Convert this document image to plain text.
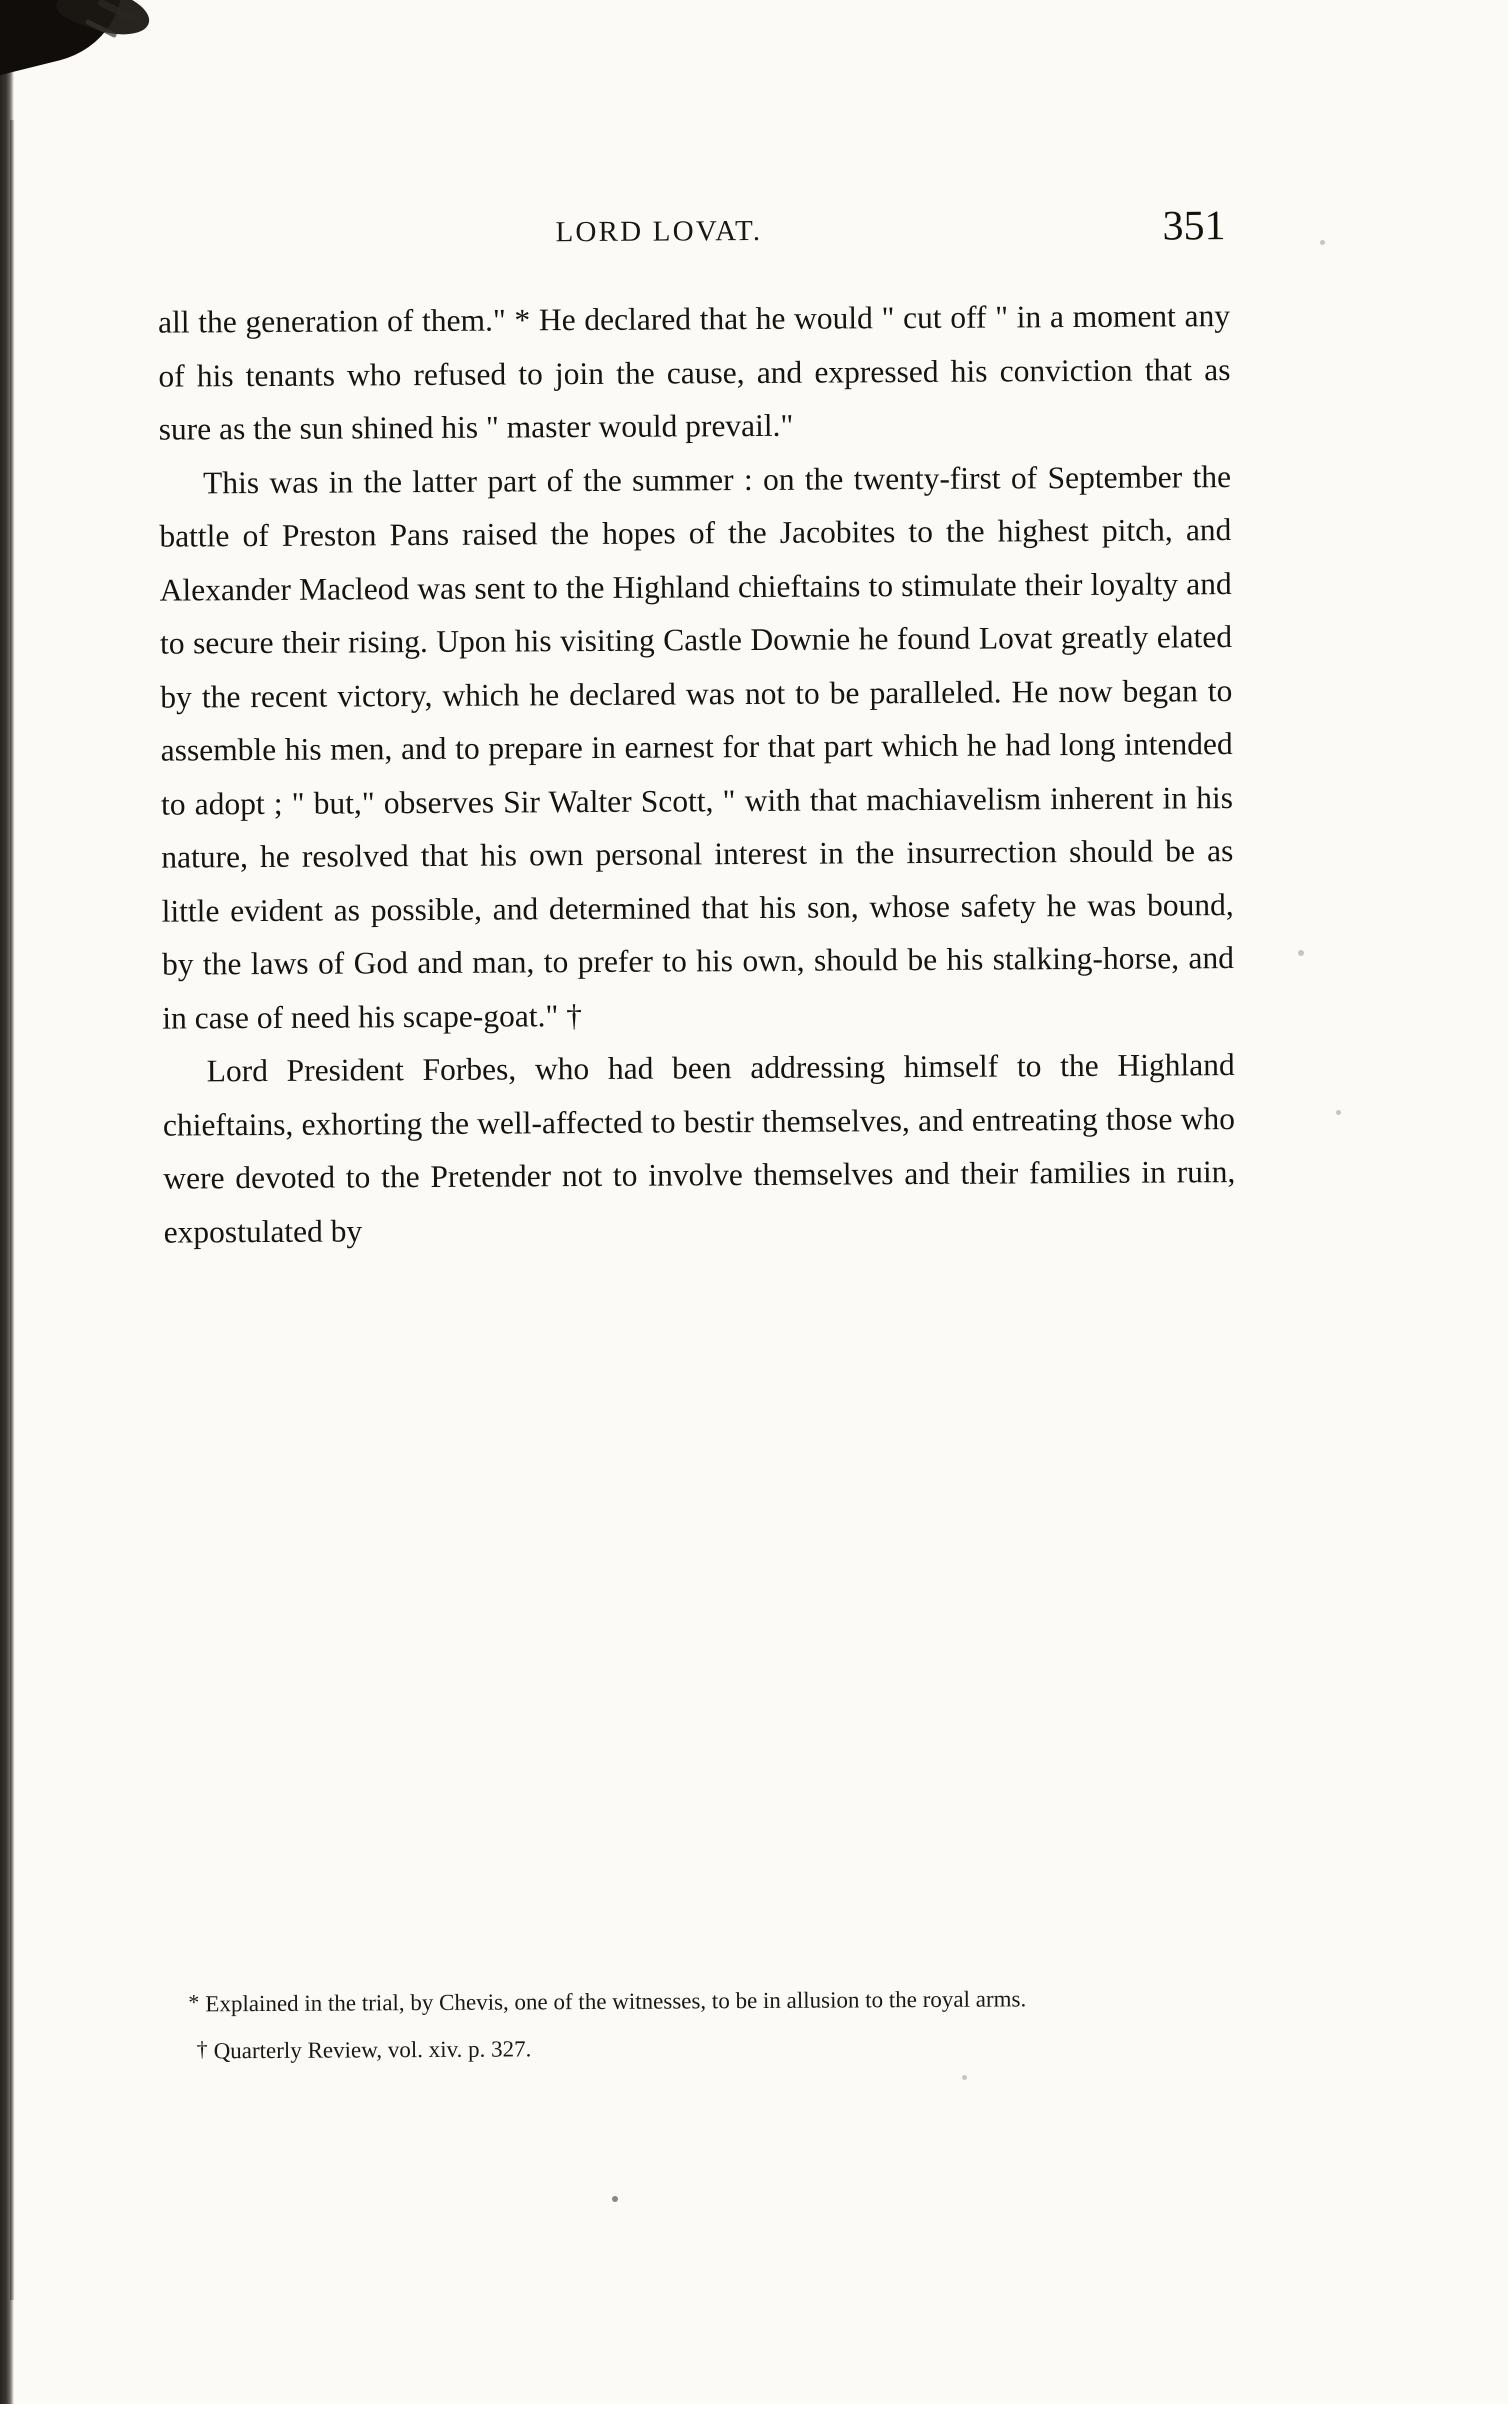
LORD LOVAT.	351

all the generation of them." * He declared that he would " cut off " in a moment any of his tenants who refused to join the cause, and expressed his conviction that as sure as the sun shined his " master would prevail."

This was in the latter part of the summer : on the twenty-first of September the battle of Preston Pans raised the hopes of the Jacobites to the highest pitch, and Alexander Macleod was sent to the Highland chieftains to stimulate their loyalty and to secure their rising. Upon his visiting Castle Downie he found Lovat greatly elated by the recent victory, which he declared was not to be paralleled. He now began to assemble his men, and to prepare in earnest for that part which he had long intended to adopt ; " but," observes Sir Walter Scott, " with that machiavelism inherent in his nature, he resolved that his own personal interest in the insurrection should be as little evident as possible, and determined that his son, whose safety he was bound, by the laws of God and man, to prefer to his own, should be his stalking-horse, and in case of need his scape-goat." †

Lord President Forbes, who had been addressing himself to the Highland chieftains, exhorting the well-affected to bestir themselves, and entreating those who were devoted to the Pretender not to involve themselves and their families in ruin, expostulated by

* Explained in the trial, by Chevis, one of the witnesses, to be in allusion to the royal arms.

† Quarterly Review, vol. xiv. p. 327.
